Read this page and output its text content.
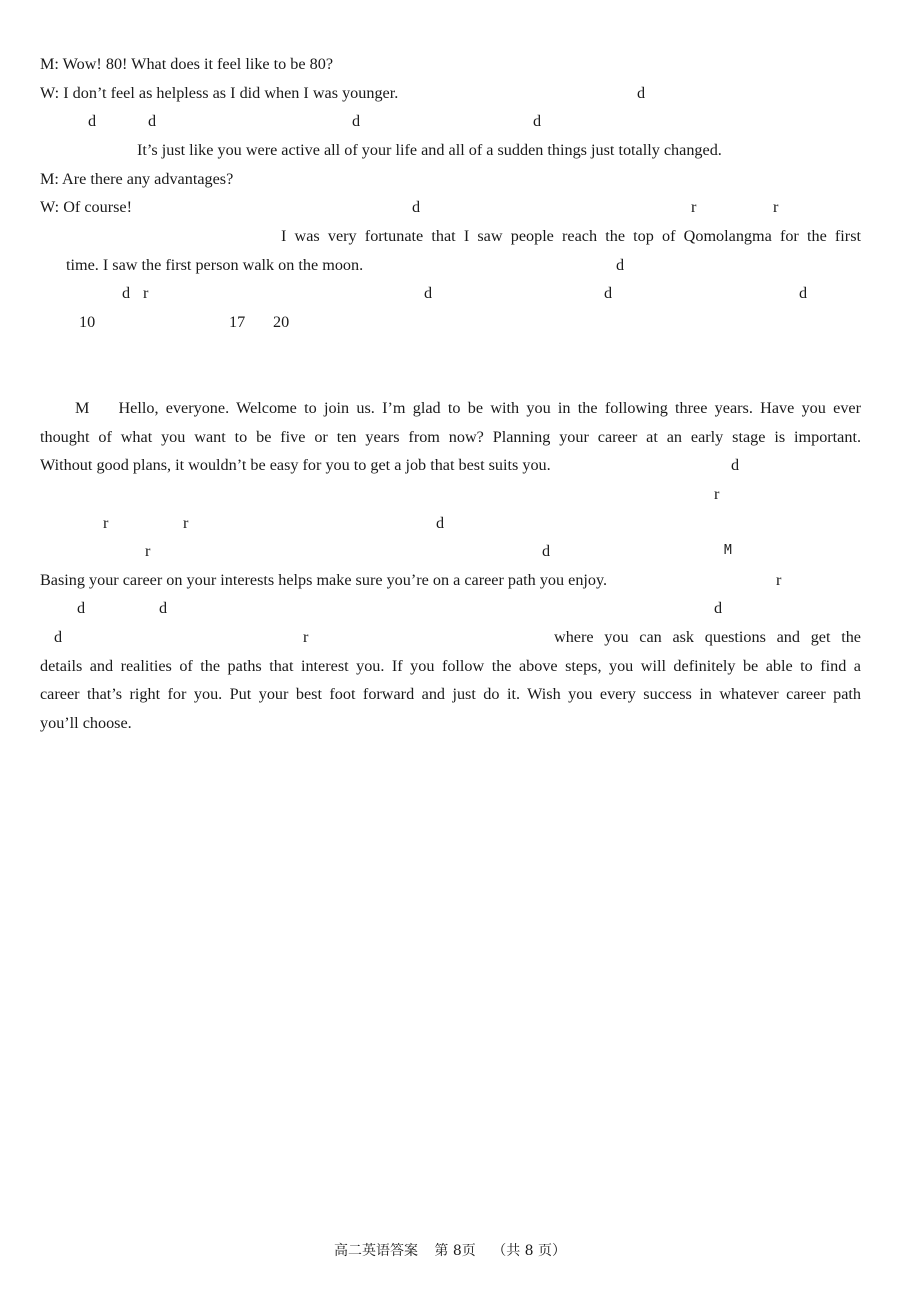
M: Wow! 80! What does it feel like to be 80?
W: I don’t feel as helpless as I did when I was younger.	d
d	d	d	d
It’s just like you were active all of your life and all of a sudden things just totally changed.
M: Are there any advantages?
W: Of course!	d	r	r
I was very fortunate that I saw people reach the top of Qomolangma for the first
time. I saw the first person walk on the moon.	d
d r	d	d	d
10	17 20
M    Hello, everyone. Welcome to join us. I’m glad to be with you in the following three years. Have you ever
thought of what you want to be five or ten years from now? Planning your career at an early stage is important.
Without good plans, it wouldn’t be easy for you to get a job that best suits you.	d
r
r	r	d
r	d	M
Basing your career on your interests helps make sure you’re on a career path you enjoy.	r
d	d	d
d	r	where you can ask questions and get the
details and realities of the paths that interest you. If you follow the above steps, you will definitely be able to find a
career that’s right for you. Put your best foot forward and just do it. Wish you every success in whatever career path
you’ll choose.
高二英语答案 第 8页 （共 8 页）
